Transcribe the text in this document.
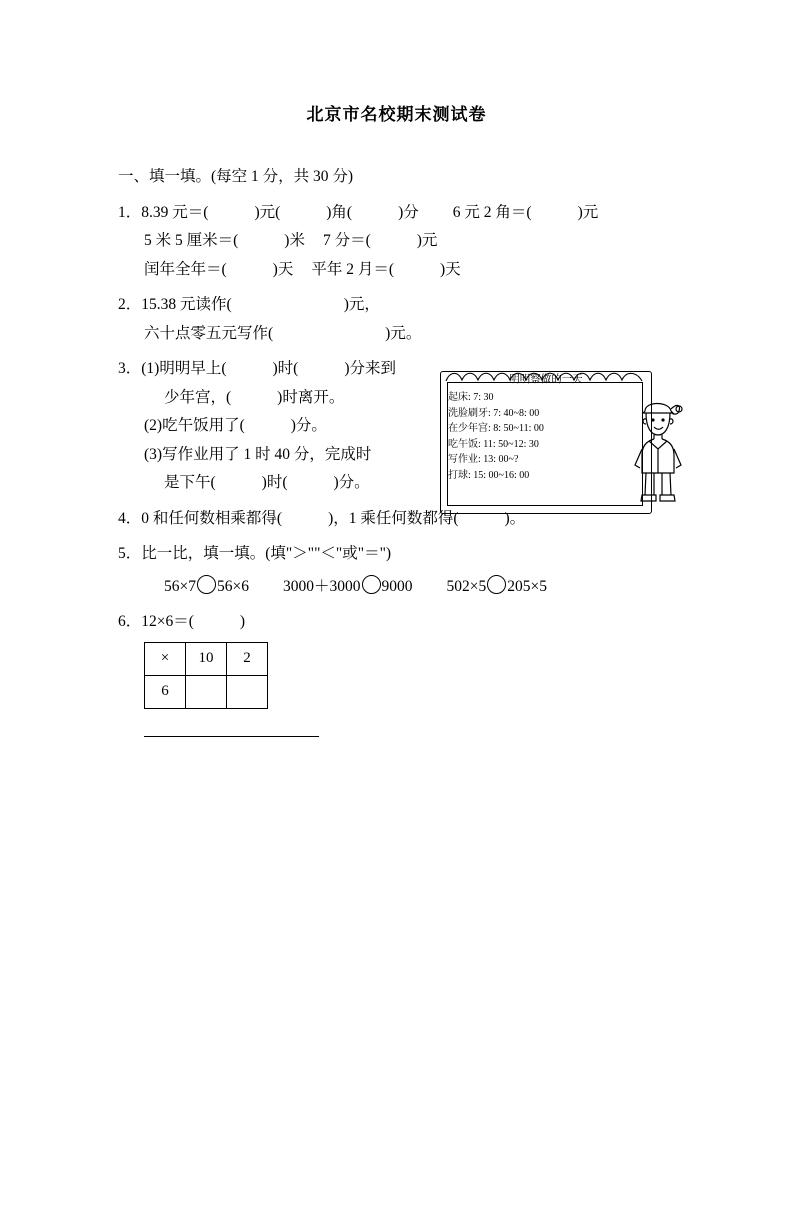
北京市名校期末测试卷
一、填一填。(每空 1 分，共 30 分)
1．8.39 元＝(	)元(	)角(	)分 6 元 2 角＝(	)元
5 米 5 厘米＝(	)米 7 分＝(	)元
闰年全年＝(	)天 平年 2 月＝(	)天
2．15.38 元读作(	)元，
六十点零五元写作(	)元。
3．(1)明明早上(	)时(	)分来到
少年宫，(	)时离开。
(2)吃午饭用了(	)分。
(3)写作业用了 1 时 40 分，完成时
是下午(	)时(	)分。
明明察做的一天
起床: 7: 30
洗脸刷牙: 7: 40~8: 00
在少年宫: 8: 50~11: 00
吃午饭: 11: 50~12: 30
写作业: 13: 00~?
打球: 15: 00~16: 00
4．0 和任何数相乘都得(	)，1 乘任何数都得(	)。
5．比一比，填一填。(填"＞""＜"或"＝")
56×7 56×6 3000＋3000 9000 502×5 205×5
6．12×6＝(	)
×	10	2
6		
